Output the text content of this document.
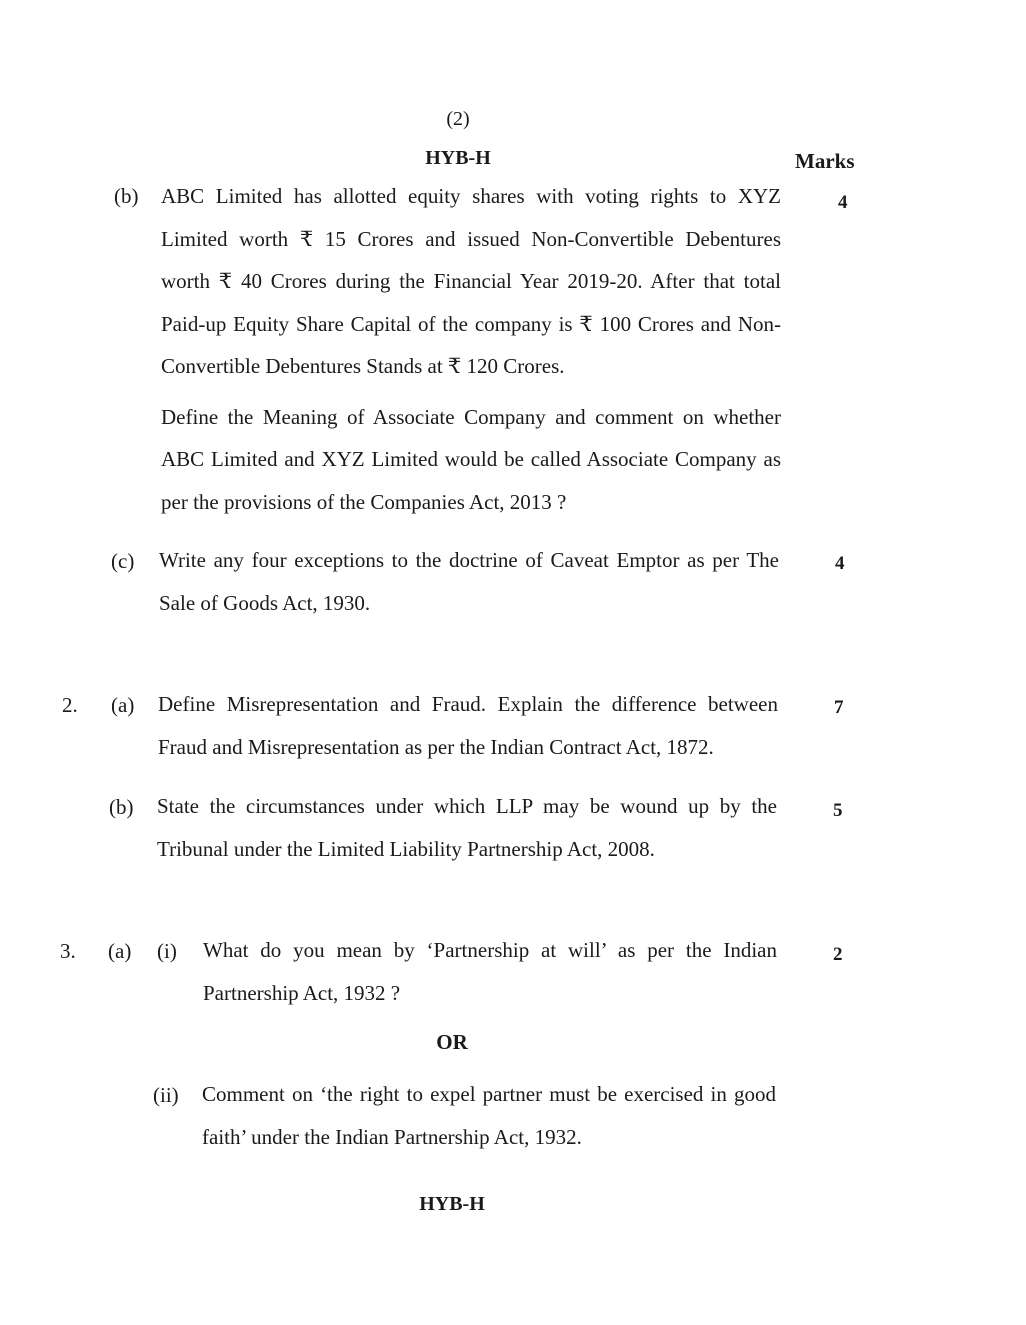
(2)
HYB-H	Marks
(b) ABC Limited has allotted equity shares with voting rights to XYZ Limited worth ₹ 15 Crores and issued Non-Convertible Debentures worth ₹ 40 Crores during the Financial Year 2019-20. After that total Paid-up Equity Share Capital of the company is ₹ 100 Crores and Non-Convertible Debentures Stands at ₹ 120 Crores.

Define the Meaning of Associate Company and comment on whether ABC Limited and XYZ Limited would be called Associate Company as per the provisions of the Companies Act, 2013 ?

4
(c) Write any four exceptions to the doctrine of Caveat Emptor as per The Sale of Goods Act, 1930.
4
2. (a) Define Misrepresentation and Fraud. Explain the difference between Fraud and Misrepresentation as per the Indian Contract Act, 1872.
7
(b) State the circumstances under which LLP may be wound up by the Tribunal under the Limited Liability Partnership Act, 2008.
5
3. (a) (i) What do you mean by ‘Partnership at will’ as per the Indian Partnership Act, 1932 ?
2
OR
(ii) Comment on ‘the right to expel partner must be exercised in good faith’ under the Indian Partnership Act, 1932.
HYB-H
